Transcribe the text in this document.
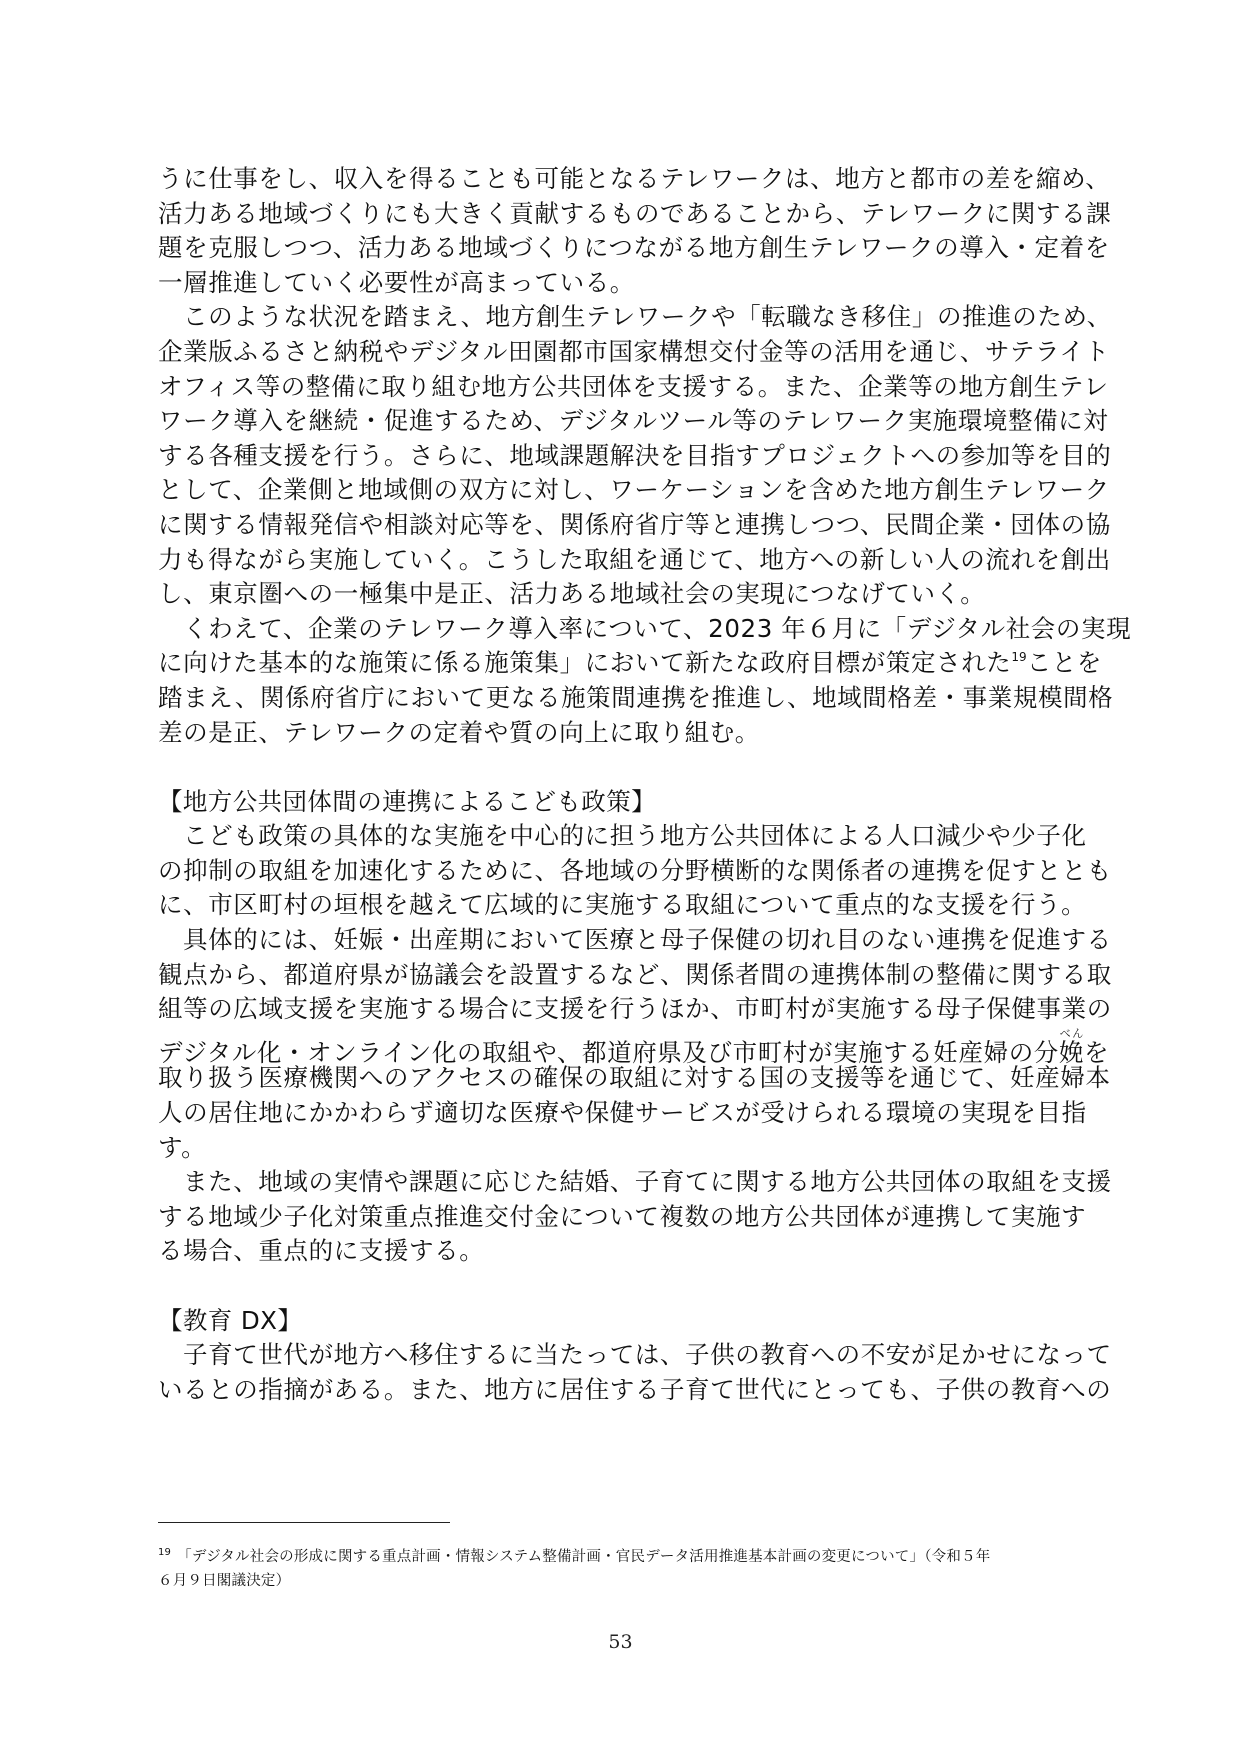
うに仕事をし、収入を得ることも可能となるテレワークは、地方と都市の差を縮め、
活力ある地域づくりにも大きく貢献するものであることから、テレワークに関する課
題を克服しつつ、活力ある地域づくりにつながる地方創生テレワークの導入・定着を
一層推進していく必要性が高まっている。
このような状況を踏まえ、地方創生テレワークや「転職なき移住」の推進のため、
企業版ふるさと納税やデジタル田園都市国家構想交付金等の活用を通じ、サテライト
オフィス等の整備に取り組む地方公共団体を支援する。また、企業等の地方創生テレ
ワーク導入を継続・促進するため、デジタルツール等のテレワーク実施環境整備に対
する各種支援を行う。さらに、地域課題解決を目指すプロジェクトへの参加等を目的
として、企業側と地域側の双方に対し、ワーケーションを含めた地方創生テレワーク
に関する情報発信や相談対応等を、関係府省庁等と連携しつつ、民間企業・団体の協
力も得ながら実施していく。こうした取組を通じて、地方への新しい人の流れを創出
し、東京圏への一極集中是正、活力ある地域社会の実現につなげていく。
くわえて、企業のテレワーク導入率について、2023 年６月に「デジタル社会の実現
に向けた基本的な施策に係る施策集」において新たな政府目標が策定された$^{19}$ことを
踏まえ、関係府省庁において更なる施策間連携を推進し、地域間格差・事業規模間格
差の是正、テレワークの定着や質の向上に取り組む。
【地方公共団体間の連携によるこども政策】
こども政策の具体的な実施を中心的に担う地方公共団体による人口減少や少子化
の抑制の取組を加速化するために、各地域の分野横断的な関係者の連携を促すととも
に、市区町村の垣根を越えて広域的に実施する取組について重点的な支援を行う。
具体的には、妊娠・出産期において医療と母子保健の切れ目のない連携を促進する
観点から、都道府県が協議会を設置するなど、関係者間の連携体制の整備に関する取
組等の広域支援を実施する場合に支援を行うほか、市町村が実施する母子保健事業の
デジタル化・オンライン化の取組や、都道府県及び市町村が実施する妊産婦の分娩べんを
取り扱う医療機関へのアクセスの確保の取組に対する国の支援等を通じて、妊産婦本
人の居住地にかかわらず適切な医療や保健サービスが受けられる環境の実現を目指
す。
また、地域の実情や課題に応じた結婚、子育てに関する地方公共団体の取組を支援
する地域少子化対策重点推進交付金について複数の地方公共団体が連携して実施す
る場合、重点的に支援する。
【教育 DX】
子育て世代が地方へ移住するに当たっては、子供の教育への不安が足かせになって
いるとの指摘がある。また、地方に居住する子育て世代にとっても、子供の教育への
$^{19}$ 「デジタル社会の形成に関する重点計画・情報システム整備計画・官民データ活用推進基本計画の変更について」（令和５年
６月９日閣議決定）
53
